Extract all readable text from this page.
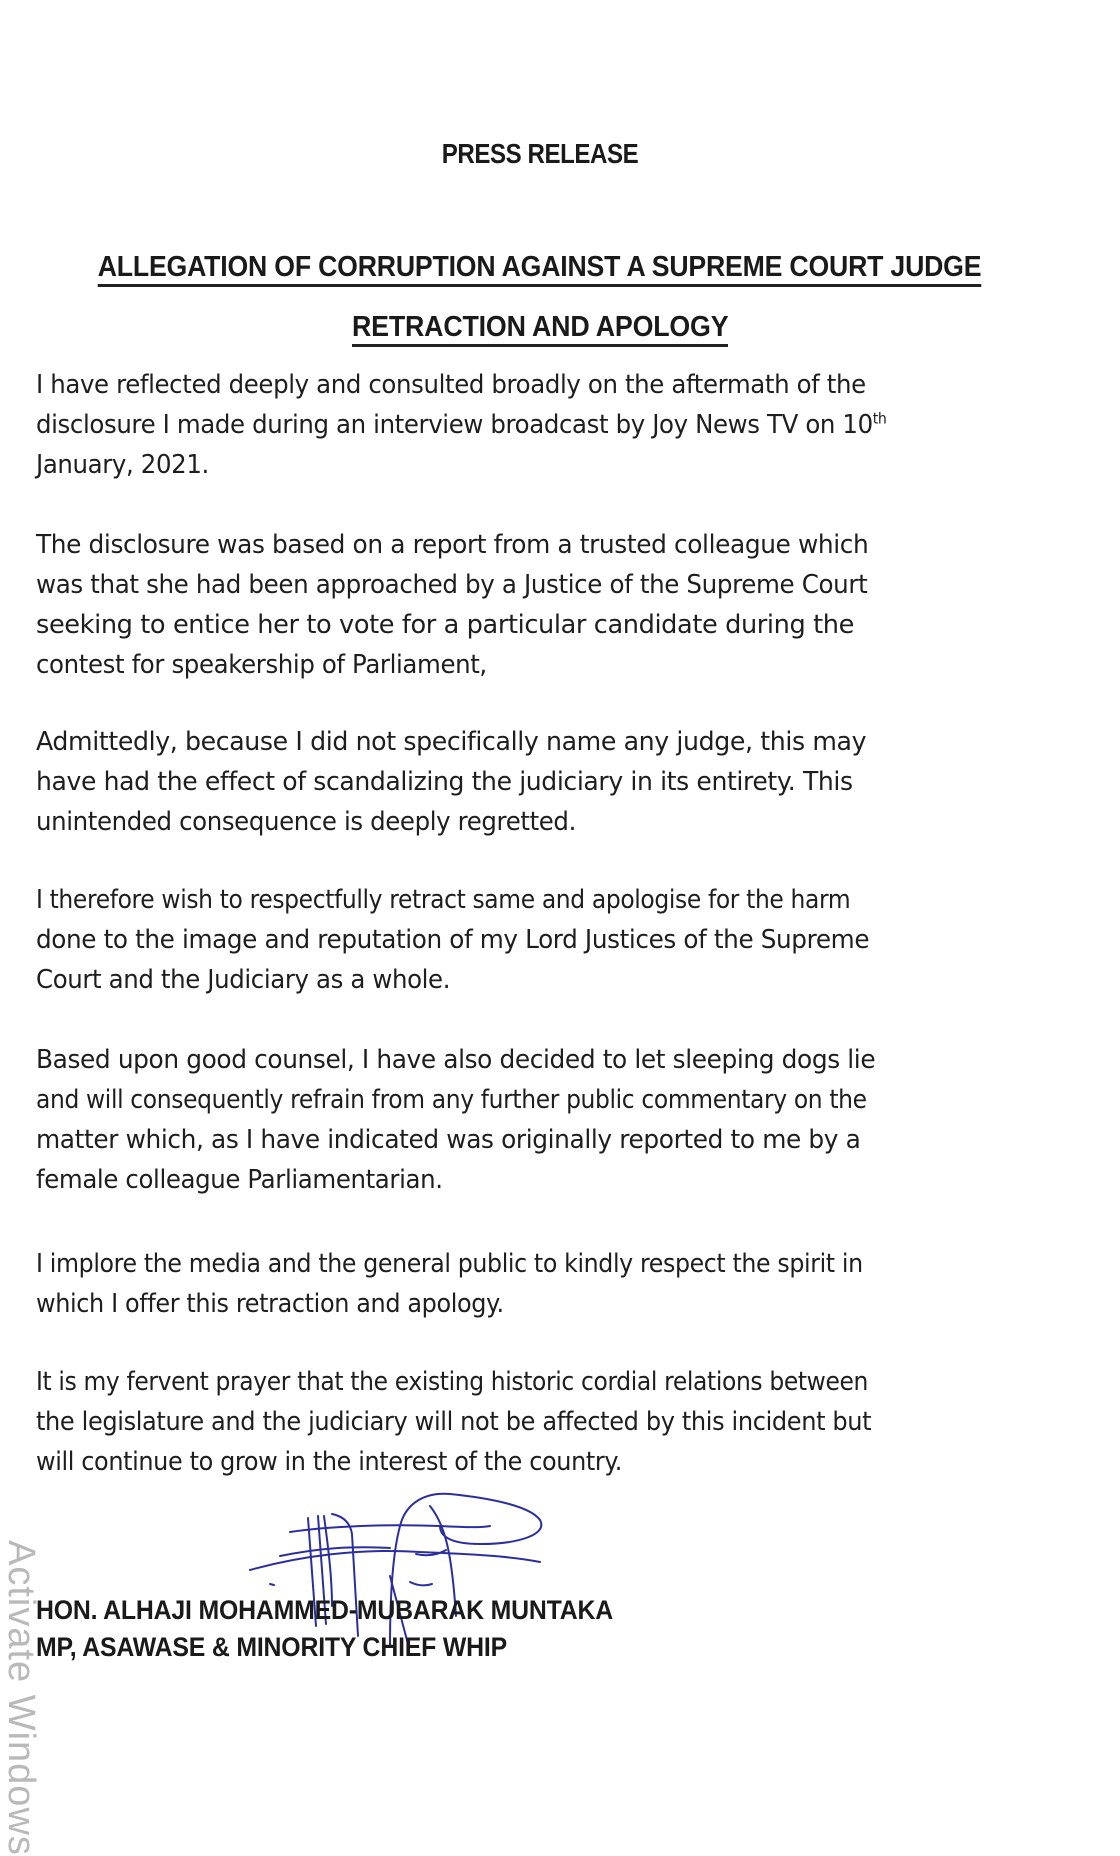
PRESS RELEASE
ALLEGATION OF CORRUPTION AGAINST A SUPREME COURT JUDGE
RETRACTION AND APOLOGY

I have reflected deeply and consulted broadly on the aftermath of the
disclosure I made during an interview broadcast by Joy News TV on 10th
January, 2021.

The disclosure was based on a report from a trusted colleague which
was that she had been approached by a Justice of the Supreme Court
seeking to entice her to vote for a particular candidate during the
contest for speakership of Parliament,

Admittedly, because I did not specifically name any judge, this may
have had the effect of scandalizing the judiciary in its entirety. This
unintended consequence is deeply regretted.

I therefore wish to respectfully retract same and apologise for the harm
done to the image and reputation of my Lord Justices of the Supreme
Court and the Judiciary as a whole.

Based upon good counsel, I have also decided to let sleeping dogs lie
and will consequently refrain from any further public commentary on the
matter which, as I have indicated was originally reported to me by a
female colleague Parliamentarian.

I implore the media and the general public to kindly respect the spirit in
which I offer this retraction and apology.

It is my fervent prayer that the existing historic cordial relations between
the legislature and the judiciary will not be affected by this incident but
will continue to grow in the interest of the country.

HON. ALHAJI MOHAMMED-MUBARAK MUNTAKA
MP, ASAWASE & MINORITY CHIEF WHIP
Activate Windows
